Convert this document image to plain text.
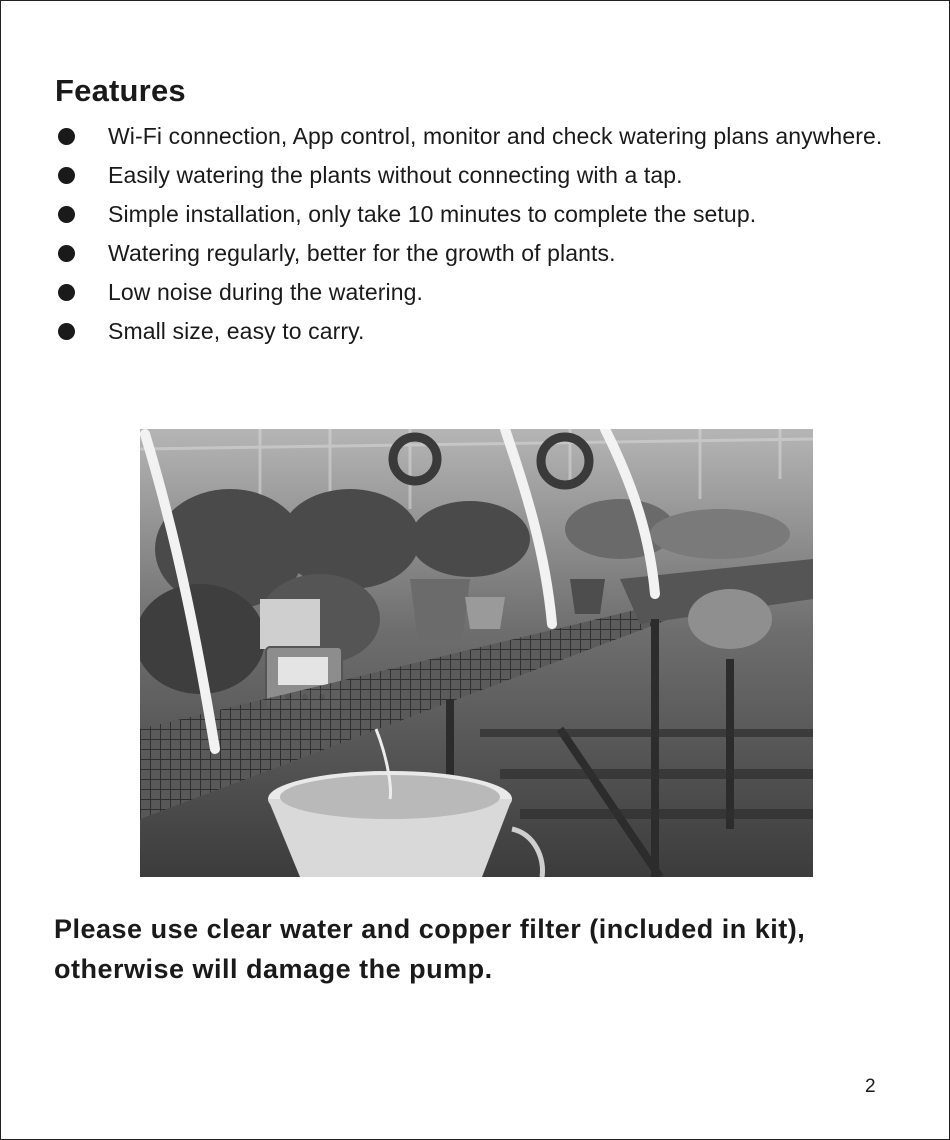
Features
Wi-Fi connection, App control, monitor and check watering plans anywhere.
Easily watering the plants without connecting with a tap.
Simple installation, only take 10 minutes to complete the setup.
Watering regularly, better for the growth of plants.
Low noise during the watering.
Small size, easy to carry.

Please use clear water and copper filter (included in kit), otherwise will damage the pump.

2
